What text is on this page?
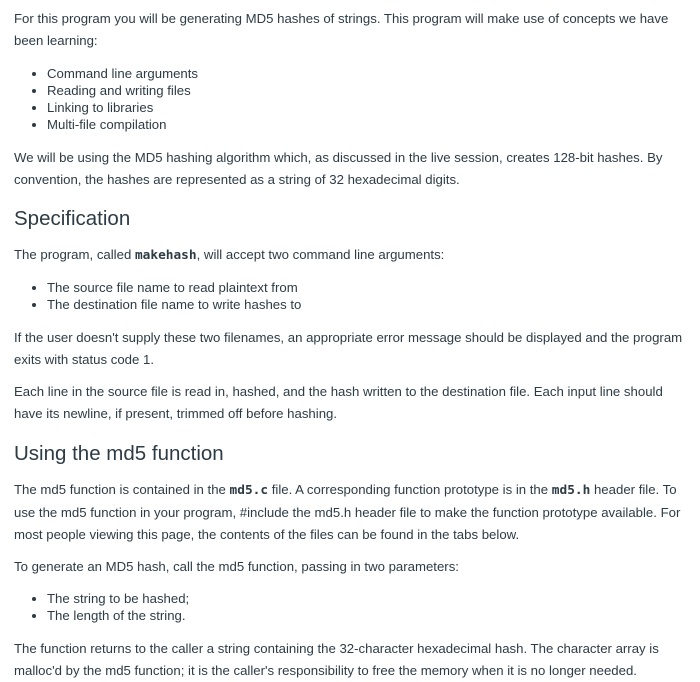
For this program you will be generating MD5 hashes of strings. This program will make use of concepts we have been learning:

• Command line arguments
• Reading and writing files
• Linking to libraries
• Multi-file compilation

We will be using the MD5 hashing algorithm which, as discussed in the live session, creates 128-bit hashes. By convention, the hashes are represented as a string of 32 hexadecimal digits.

Specification

The program, called makehash, will accept two command line arguments:

• The source file name to read plaintext from
• The destination file name to write hashes to

If the user doesn't supply these two filenames, an appropriate error message should be displayed and the program exits with status code 1.

Each line in the source file is read in, hashed, and the hash written to the destination file. Each input line should have its newline, if present, trimmed off before hashing.

Using the md5 function

The md5 function is contained in the md5.c file. A corresponding function prototype is in the md5.h header file. To use the md5 function in your program, #include the md5.h header file to make the function prototype available. For most people viewing this page, the contents of the files can be found in the tabs below.

To generate an MD5 hash, call the md5 function, passing in two parameters:

• The string to be hashed;
• The length of the string.

The function returns to the caller a string containing the 32-character hexadecimal hash. The character array is malloc'd by the md5 function; it is the caller's responsibility to free the memory when it is no longer needed.
